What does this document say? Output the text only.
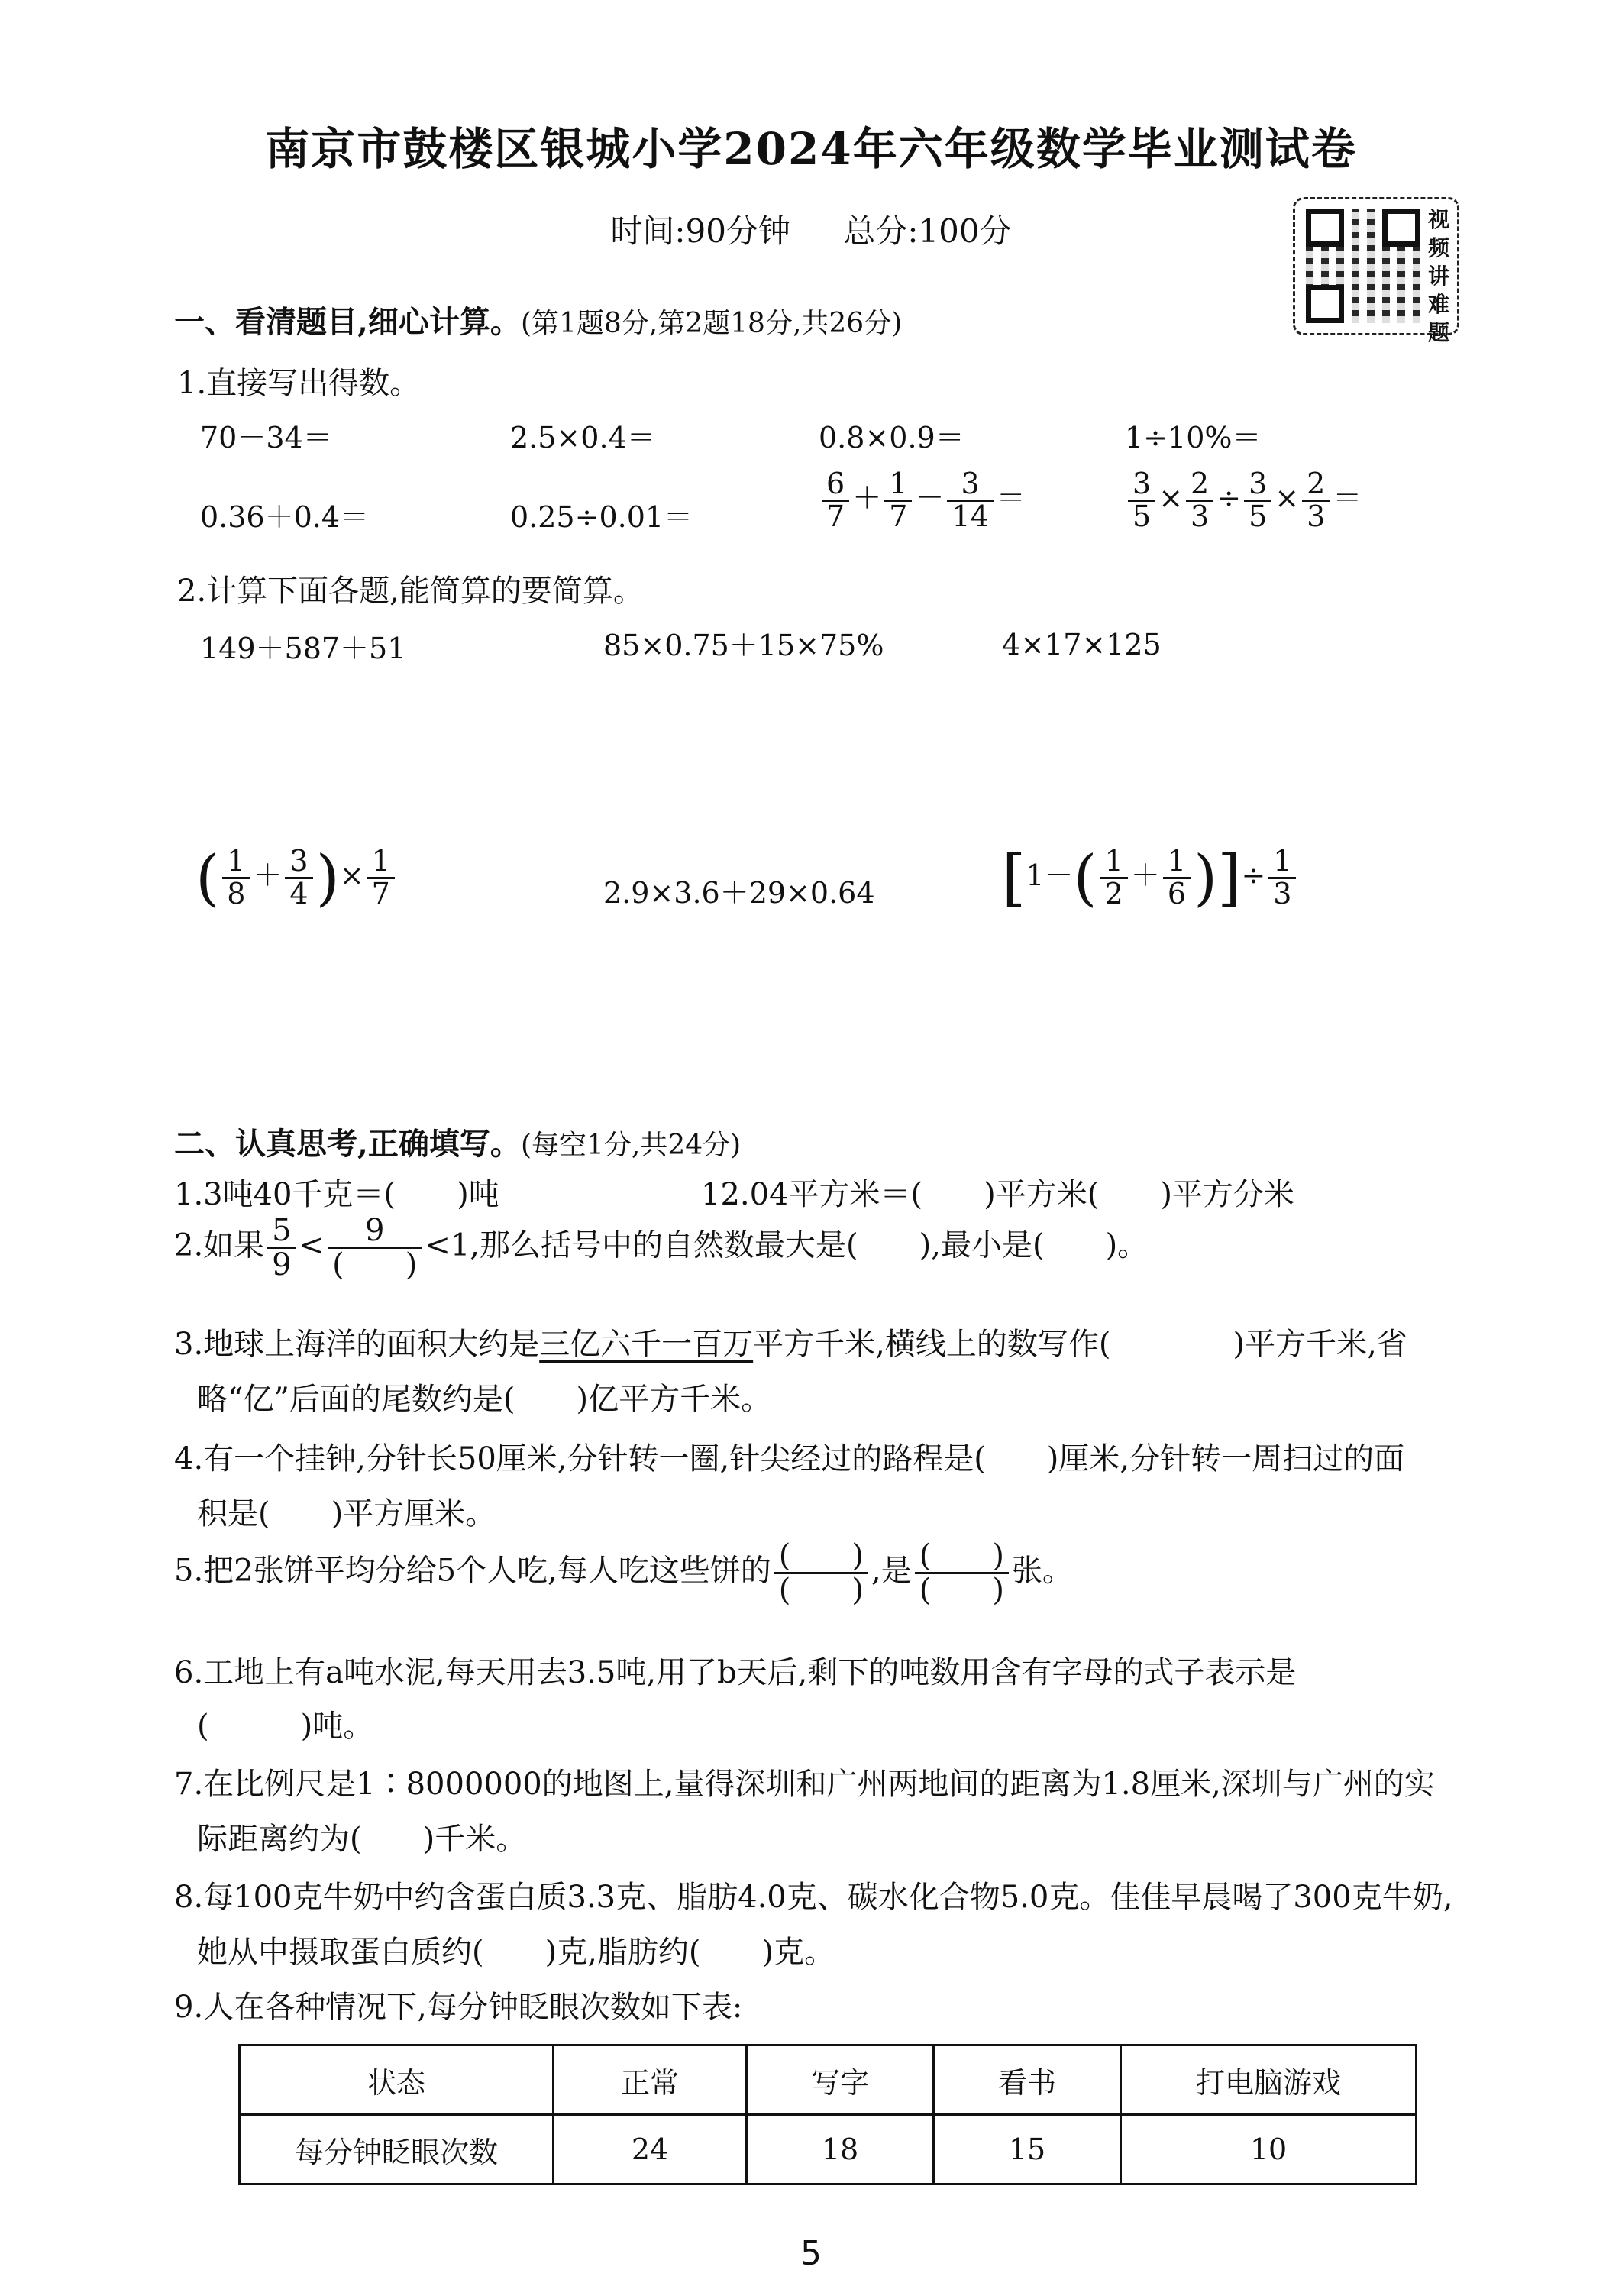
南京市鼓楼区银城小学2024年六年级数学毕业测试卷
时间:90分钟 总分:100分	视频讲难题
一、看清题目,细心计算。(第1题8分,第2题18分,共26分)
1.直接写出得数。
70－34＝	2.5×0.4＝	0.8×0.9＝	1÷10%＝
0.36＋0.4＝	0.25÷0.01＝	$\frac{6}{7} + \frac{1}{7} - \frac{3}{14}$ ＝	$\frac{3}{5} \times \frac{2}{3} \div \frac{3}{5} \times \frac{2}{3}$ ＝
2.计算下面各题,能简算的要简算。
149＋587＋51	85×0.75＋15×75%	4×17×125
( $\frac{1}{8} + \frac{3}{4}$ )× $\frac{1}{7}$	2.9×3.6＋29×0.64 [$1-( \frac{1}{2} + \frac{1}{6}$ )]÷ $\frac{1}{3}$
二、认真思考,正确填写。(每空1分,共24分)
1.3吨40千克＝(　　)吨	12.04平方米＝(　　)平方米(　　)平方分米
2.如果 $\frac{5}{9} < \frac{9}{( )} <1$,那么括号中的自然数最大是(　　),最小是(　　)。
3.地球上海洋的面积大约是三亿六千一百万平方千米,横线上的数写作(　　　　)平方千米,省
略“亿”后面的尾数约是(　　)亿平方千米。
4.有一个挂钟,分针长50厘米,分针转一圈,针尖经过的路程是(　　)厘米,分针转一周扫过的面
积是(　　)平方厘米。
5.把2张饼平均分给5个人吃,每人吃这些饼的 $\frac{( )}{( )}$ ,是 $\frac{( )}{( )}$ 张。
6.工地上有a吨水泥,每天用去3.5吨,用了b天后,剩下的吨数用含有字母的式子表示是
(　　　)吨。
7.在比例尺是1∶8000000的地图上,量得深圳和广州两地间的距离为1.8厘米,深圳与广州的实
际距离约为(　　)千米。
8.每100克牛奶中约含蛋白质3.3克、脂肪4.0克、碳水化合物5.0克。佳佳早晨喝了300克牛奶,
她从中摄取蛋白质约(　　)克,脂肪约(　　)克。
9.人在各种情况下,每分钟眨眼次数如下表:
状态	正常	写字	看书	打电脑游戏
每分钟眨眼次数	24	18	15	10
5
